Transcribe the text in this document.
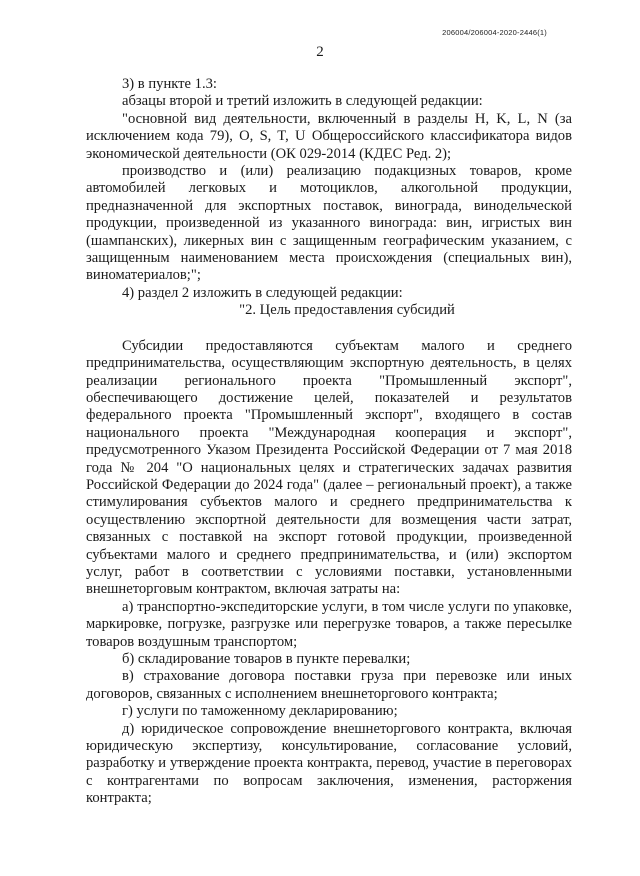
206004/206004-2020-2446(1)
2

3) в пункте 1.3:

абзацы второй и третий изложить в следующей редакции:

"основной вид деятельности, включенный в разделы H, K, L, N (за исключением кода 79), O, S, T, U Общероссийского классификатора видов экономической деятельности (ОК 029-2014 (КДЕС Ред. 2);

производство и (или) реализацию подакцизных товаров, кроме автомобилей легковых и мотоциклов, алкогольной продукции, предназначенной для экспортных поставок, винограда, винодельческой продукции, произведенной из указанного винограда: вин, игристых вин (шампанских), ликерных вин с защищенным географическим указанием, с защищенным наименованием места происхождения (специальных вин), виноматериалов;";

4) раздел 2 изложить в следующей редакции:

"2. Цель предоставления субсидий

Субсидии предоставляются субъектам малого и среднего предпринимательства, осуществляющим экспортную деятельность, в целях реализации регионального проекта "Промышленный экспорт", обеспечивающего достижение целей, показателей и результатов федерального проекта "Промышленный экспорт", входящего в состав национального проекта "Международная кооперация и экспорт", предусмотренного Указом Президента Российской Федерации от 7 мая 2018 года № 204 "О национальных целях и стратегических задачах развития Российской Федерации до 2024 года" (далее – региональный проект), а также стимулирования субъектов малого и среднего предпринимательства к осуществлению экспортной деятельности для возмещения части затрат, связанных с поставкой на экспорт готовой продукции, произведенной субъектами малого и среднего предпринимательства, и (или) экспортом услуг, работ в соответствии с условиями поставки, установленными внешнеторговым контрактом, включая затраты на:

а) транспортно-экспедиторские услуги, в том числе услуги по упаковке, маркировке, погрузке, разгрузке или перегрузке товаров, а также пересылке товаров воздушным транспортом;

б) складирование товаров в пункте перевалки;

в) страхование договора поставки груза при перевозке или иных договоров, связанных с исполнением внешнеторгового контракта;

г) услуги по таможенному декларированию;

д) юридическое сопровождение внешнеторгового контракта, включая юридическую экспертизу, консультирование, согласование условий, разработку и утверждение проекта контракта, перевод, участие в переговорах с контрагентами по вопросам заключения, изменения, расторжения контракта;
